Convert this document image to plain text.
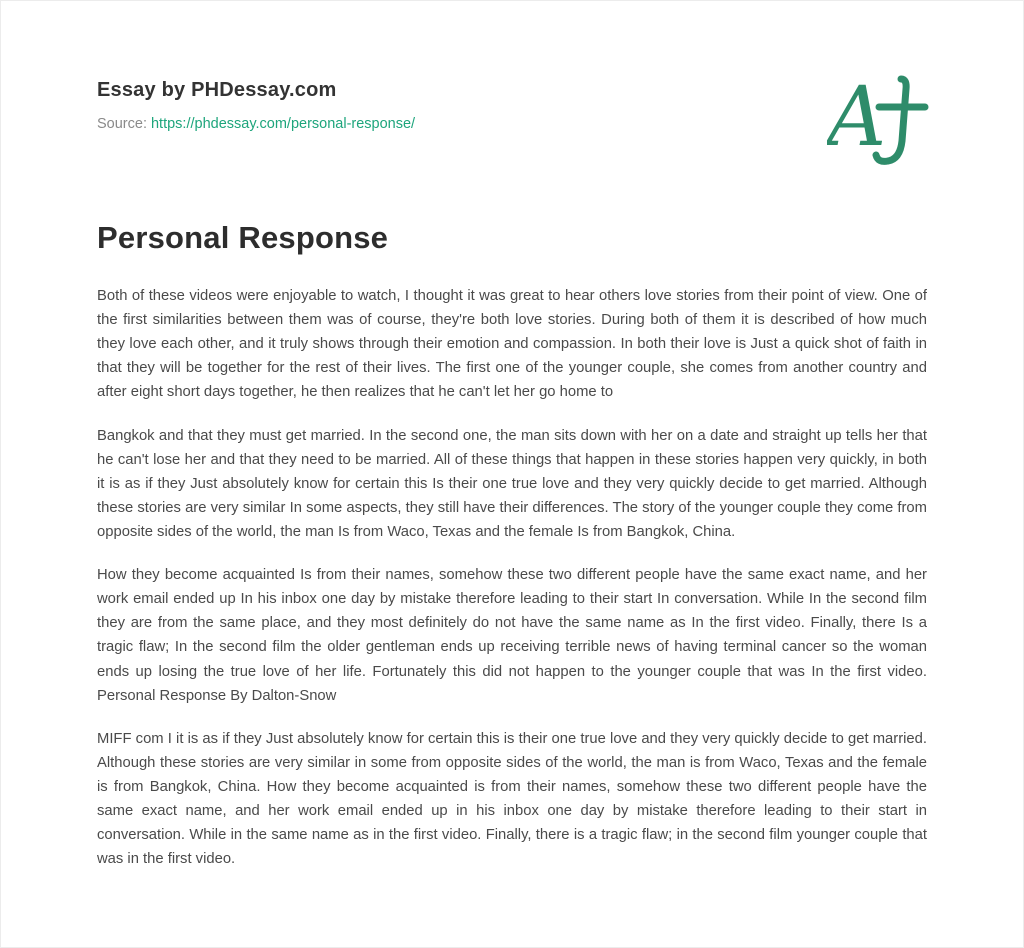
Essay by PHDessay.com
Source: https://phdessay.com/personal-response/	A
Personal Response

Both of these videos were enjoyable to watch, I thought it was great to hear others love stories from their point of view. One of the first similarities between them was of course, they're both love stories. During both of them it is described of how much they love each other, and it truly shows through their emotion and compassion. In both their love is Just a quick shot of faith in that they will be together for the rest of their lives. The first one of the younger couple, she comes from another country and after eight short days together, he then realizes that he can't let her go home to

Bangkok and that they must get married. In the second one, the man sits down with her on a date and straight up tells her that he can't lose her and that they need to be married. All of these things that happen in these stories happen very quickly, in both it is as if they Just absolutely know for certain this Is their one true love and they very quickly decide to get married. Although these stories are very similar In some aspects, they still have their differences. The story of the younger couple they come from opposite sides of the world, the man Is from Waco, Texas and the female Is from Bangkok, China.

How they become acquainted Is from their names, somehow these two different people have the same exact name, and her work email ended up In his inbox one day by mistake therefore leading to their start In conversation. While In the second film they are from the same place, and they most definitely do not have the same name as In the first video. Finally, there Is a tragic flaw; In the second film the older gentleman ends up receiving terrible news of having terminal cancer so the woman ends up losing the true love of her life. Fortunately this did not happen to the younger couple that was In the first video. Personal Response By Dalton-Snow

MIFF com I it is as if they Just absolutely know for certain this is their one true love and they very quickly decide to get married. Although these stories are very similar in some from opposite sides of the world, the man is from Waco, Texas and the female is from Bangkok, China. How they become acquainted is from their names, somehow these two different people have the same exact name, and her work email ended up in his inbox one day by mistake therefore leading to their start in conversation. While in the same name as in the first video. Finally, there is a tragic flaw; in the second film younger couple that was in the first video.
